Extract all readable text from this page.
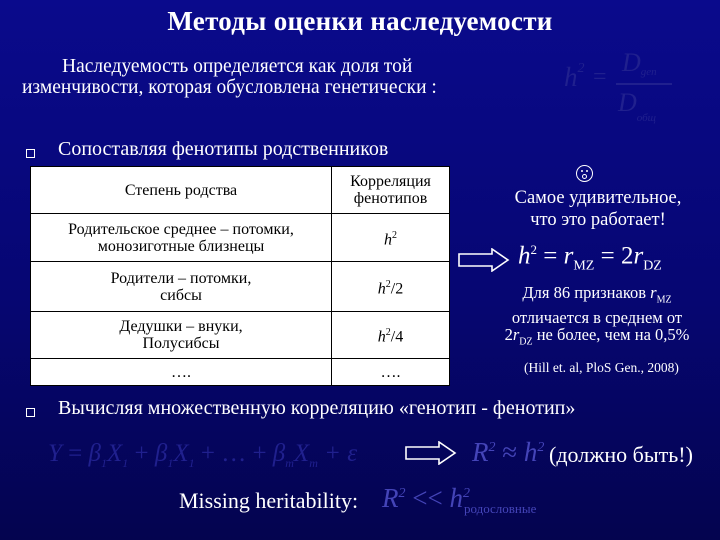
Методы оценки наследуемости
Наследуемость определяется как доля той
изменчивости, которая обусловлена генетически :	$h^2 = D_{gen}$
$D_{общ}$
Сопоставляя фенотипы родственников
Степень родства	Корреляция
фенотипов

Родительское среднее – потомки,
монозиготные близнецы	$h^2$

Родители – потомки,
сибсы	$h^2/2$

Дедушки – внуки,
Полусибсы	$h^2/4$
….	….
Самое удивительное,
что это работает!
$h^2 = r_{MZ} = 2r_{DZ}$
Для 86 признаков $r_{MZ}$
отличается в среднем от
$2r_{DZ}$ не более, чем на 0,5%
(Hill et. al, PloS Gen., 2008)
Вычисляя множественную корреляцию «генотип - фенотип»
$Y = \beta_1X_1 + \beta_1X_1$ + … + $\beta_mX_m + \varepsilon$	$R^2 \approx h^2$ (должно быть!)
Missing heritability: $R^2 << h^2_{родословные}$
